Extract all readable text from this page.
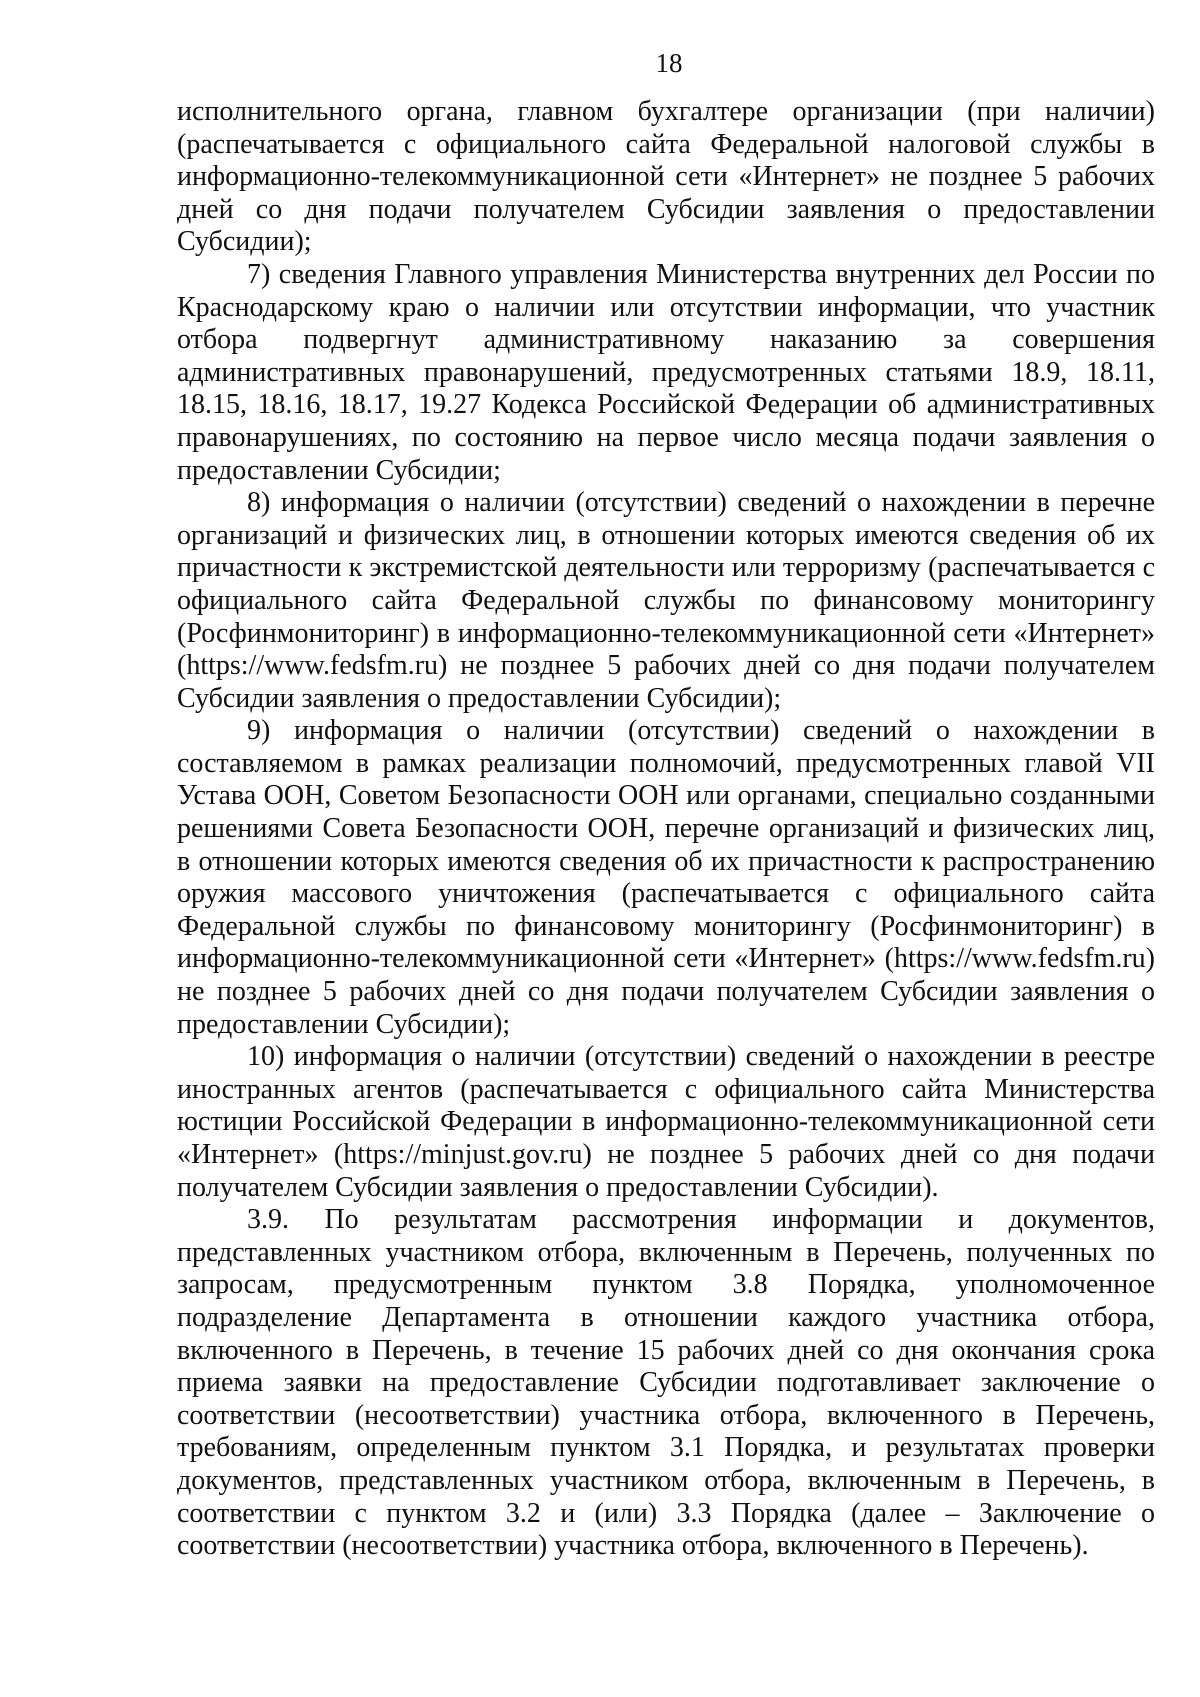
18

исполнительного органа, главном бухгалтере организации (при наличии) (распечатывается с официального сайта Федеральной налоговой службы в информационно-телекоммуникационной сети «Интернет» не позднее 5 рабочих дней со дня подачи получателем Субсидии заявления о предоставлении Субсидии);

7) сведения Главного управления Министерства внутренних дел России по Краснодарскому краю о наличии или отсутствии информации, что участник отбора подвергнут административному наказанию за совершения административных правонарушений, предусмотренных статьями 18.9, 18.11, 18.15, 18.16, 18.17, 19.27 Кодекса Российской Федерации об административных правонарушениях, по состоянию на первое число месяца подачи заявления о предоставлении Субсидии;

8) информация о наличии (отсутствии) сведений о нахождении в перечне организаций и физических лиц, в отношении которых имеются сведения об их причастности к экстремистской деятельности или терроризму (распечатывается с официального сайта Федеральной службы по финансовому мониторингу (Росфинмониторинг) в информационно-телекоммуникационной сети «Интернет» (https://www.fedsfm.ru) не позднее 5 рабочих дней со дня подачи получателем Субсидии заявления о предоставлении Субсидии);

9) информация о наличии (отсутствии) сведений о нахождении в составляемом в рамках реализации полномочий, предусмотренных главой VII Устава ООН, Советом Безопасности ООН или органами, специально созданными решениями Совета Безопасности ООН, перечне организаций и физических лиц, в отношении которых имеются сведения об их причастности к распространению оружия массового уничтожения (распечатывается с официального сайта Федеральной службы по финансовому мониторингу (Росфинмониторинг) в информационно-телекоммуникационной сети «Интернет» (https://www.fedsfm.ru) не позднее 5 рабочих дней со дня подачи получателем Субсидии заявления о предоставлении Субсидии);

10) информация о наличии (отсутствии) сведений о нахождении в реестре иностранных агентов (распечатывается с официального сайта Министерства юстиции Российской Федерации в информационно-телекоммуникационной сети «Интернет» (https://minjust.gov.ru) не позднее 5 рабочих дней со дня подачи получателем Субсидии заявления о предоставлении Субсидии).

3.9. По результатам рассмотрения информации и документов, представленных участником отбора, включенным в Перечень, полученных по запросам, предусмотренным пунктом 3.8 Порядка, уполномоченное подразделение Департамента в отношении каждого участника отбора, включенного в Перечень, в течение 15 рабочих дней со дня окончания срока приема заявки на предоставление Субсидии подготавливает заключение о соответствии (несоответствии) участника отбора, включенного в Перечень, требованиям, определенным пунктом 3.1 Порядка, и результатах проверки документов, представленных участником отбора, включенным в Перечень, в соответствии с пунктом 3.2 и (или) 3.3 Порядка (далее – Заключение о соответствии (несоответствии) участника отбора, включенного в Перечень).
